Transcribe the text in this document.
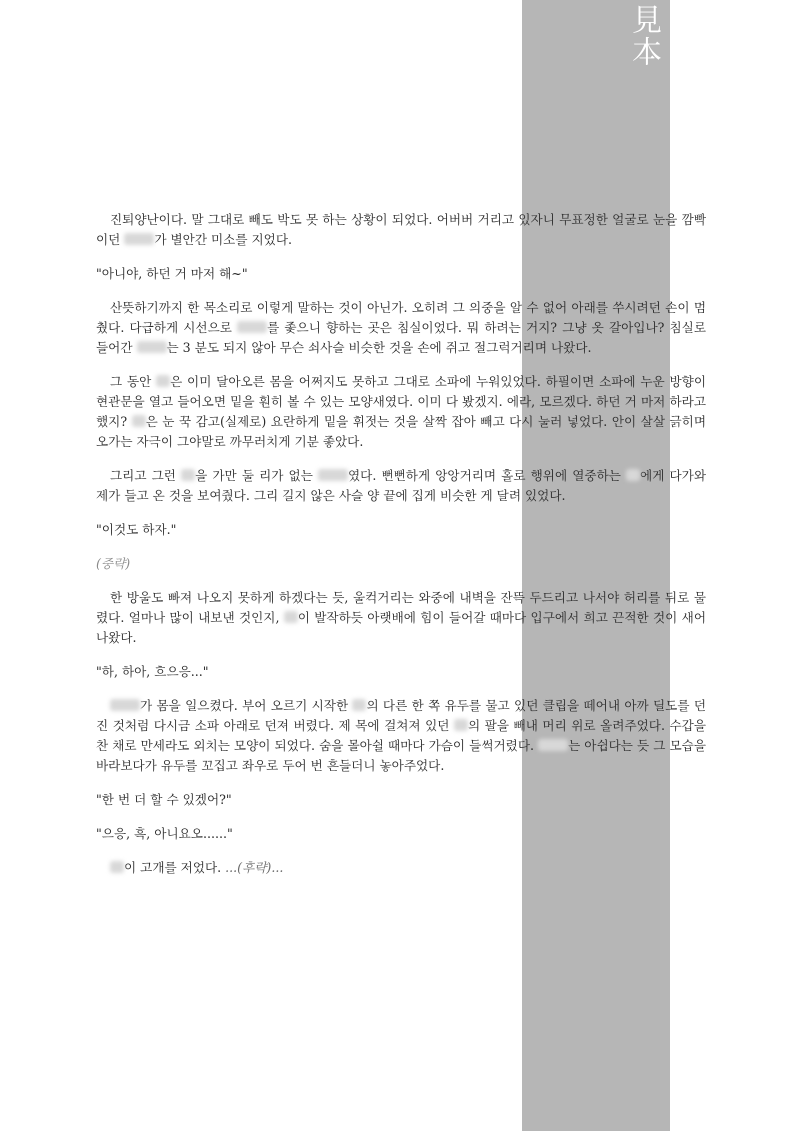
見本

진퇴양난이다. 말 그대로 빼도 박도 못 하는 상황이 되었다. 어버버 거리고 있자니 무표정한 얼굴로 눈을 깜빡이던 가 별안간 미소를 지었다.

"아니야, 하던 거 마저 해~"

산뜻하기까지 한 목소리로 이렇게 말하는 것이 아닌가. 오히려 그 의중을 알 수 없어 아래를 쑤시려던 손이 멈췄다. 다급하게 시선으로 를 좇으니 향하는 곳은 침실이었다. 뭐 하려는 거지? 그냥 옷 갈아입나? 침실로 들어간 는 3 분도 되지 않아 무슨 쇠사슬 비슷한 것을 손에 쥐고 절그럭거리며 나왔다.

그 동안 은 이미 달아오른 몸을 어쩌지도 못하고 그대로 소파에 누워있었다. 하필이면 소파에 누운 방향이 현관문을 열고 들어오면 밑을 훤히 볼 수 있는 모양새였다. 이미 다 봤겠지. 에라, 모르겠다. 하던 거 마저 하라고 했지? 은 눈 꾹 감고(실제로) 요란하게 밑을 휘젓는 것을 살짝 잡아 빼고 다시 눌러 넣었다. 안이 살살 긁히며 오가는 자극이 그야말로 까무러치게 기분 좋았다.

그리고 그런 을 가만 둘 리가 없는 였다. 뻔뻔하게 앙앙거리며 홀로 행위에 열중하는 에게 다가와 제가 들고 온 것을 보여줬다. 그리 길지 않은 사슬 양 끝에 집게 비슷한 게 달려 있었다.

"이것도 하자."

(중략)

한 방울도 빠져 나오지 못하게 하겠다는 듯, 울컥거리는 와중에 내벽을 잔뜩 두드리고 나서야 허리를 뒤로 물렸다. 얼마나 많이 내보낸 것인지, 이 발작하듯 아랫배에 힘이 들어갈 때마다 입구에서 희고 끈적한 것이 새어 나왔다.

"하, 하아, 흐으응..."

가 몸을 일으켰다. 부어 오르기 시작한 의 다른 한 쪽 유두를 물고 있던 클립을 떼어내 아까 딜도를 던진 것처럼 다시금 소파 아래로 던져 버렸다. 제 목에 걸쳐져 있던 의 팔을 빼내 머리 위로 올려주었다. 수갑을 찬 채로 만세라도 외치는 모양이 되었다. 숨을 몰아쉴 때마다 가슴이 들썩거렸다. 는 아쉽다는 듯 그 모습을 바라보다가 유두를 꼬집고 좌우로 두어 번 흔들더니 놓아주었다.

"한 번 더 할 수 있겠어?"

"으응, 흑, 아니요오......"

이 고개를 저었다. ...(후략)...
